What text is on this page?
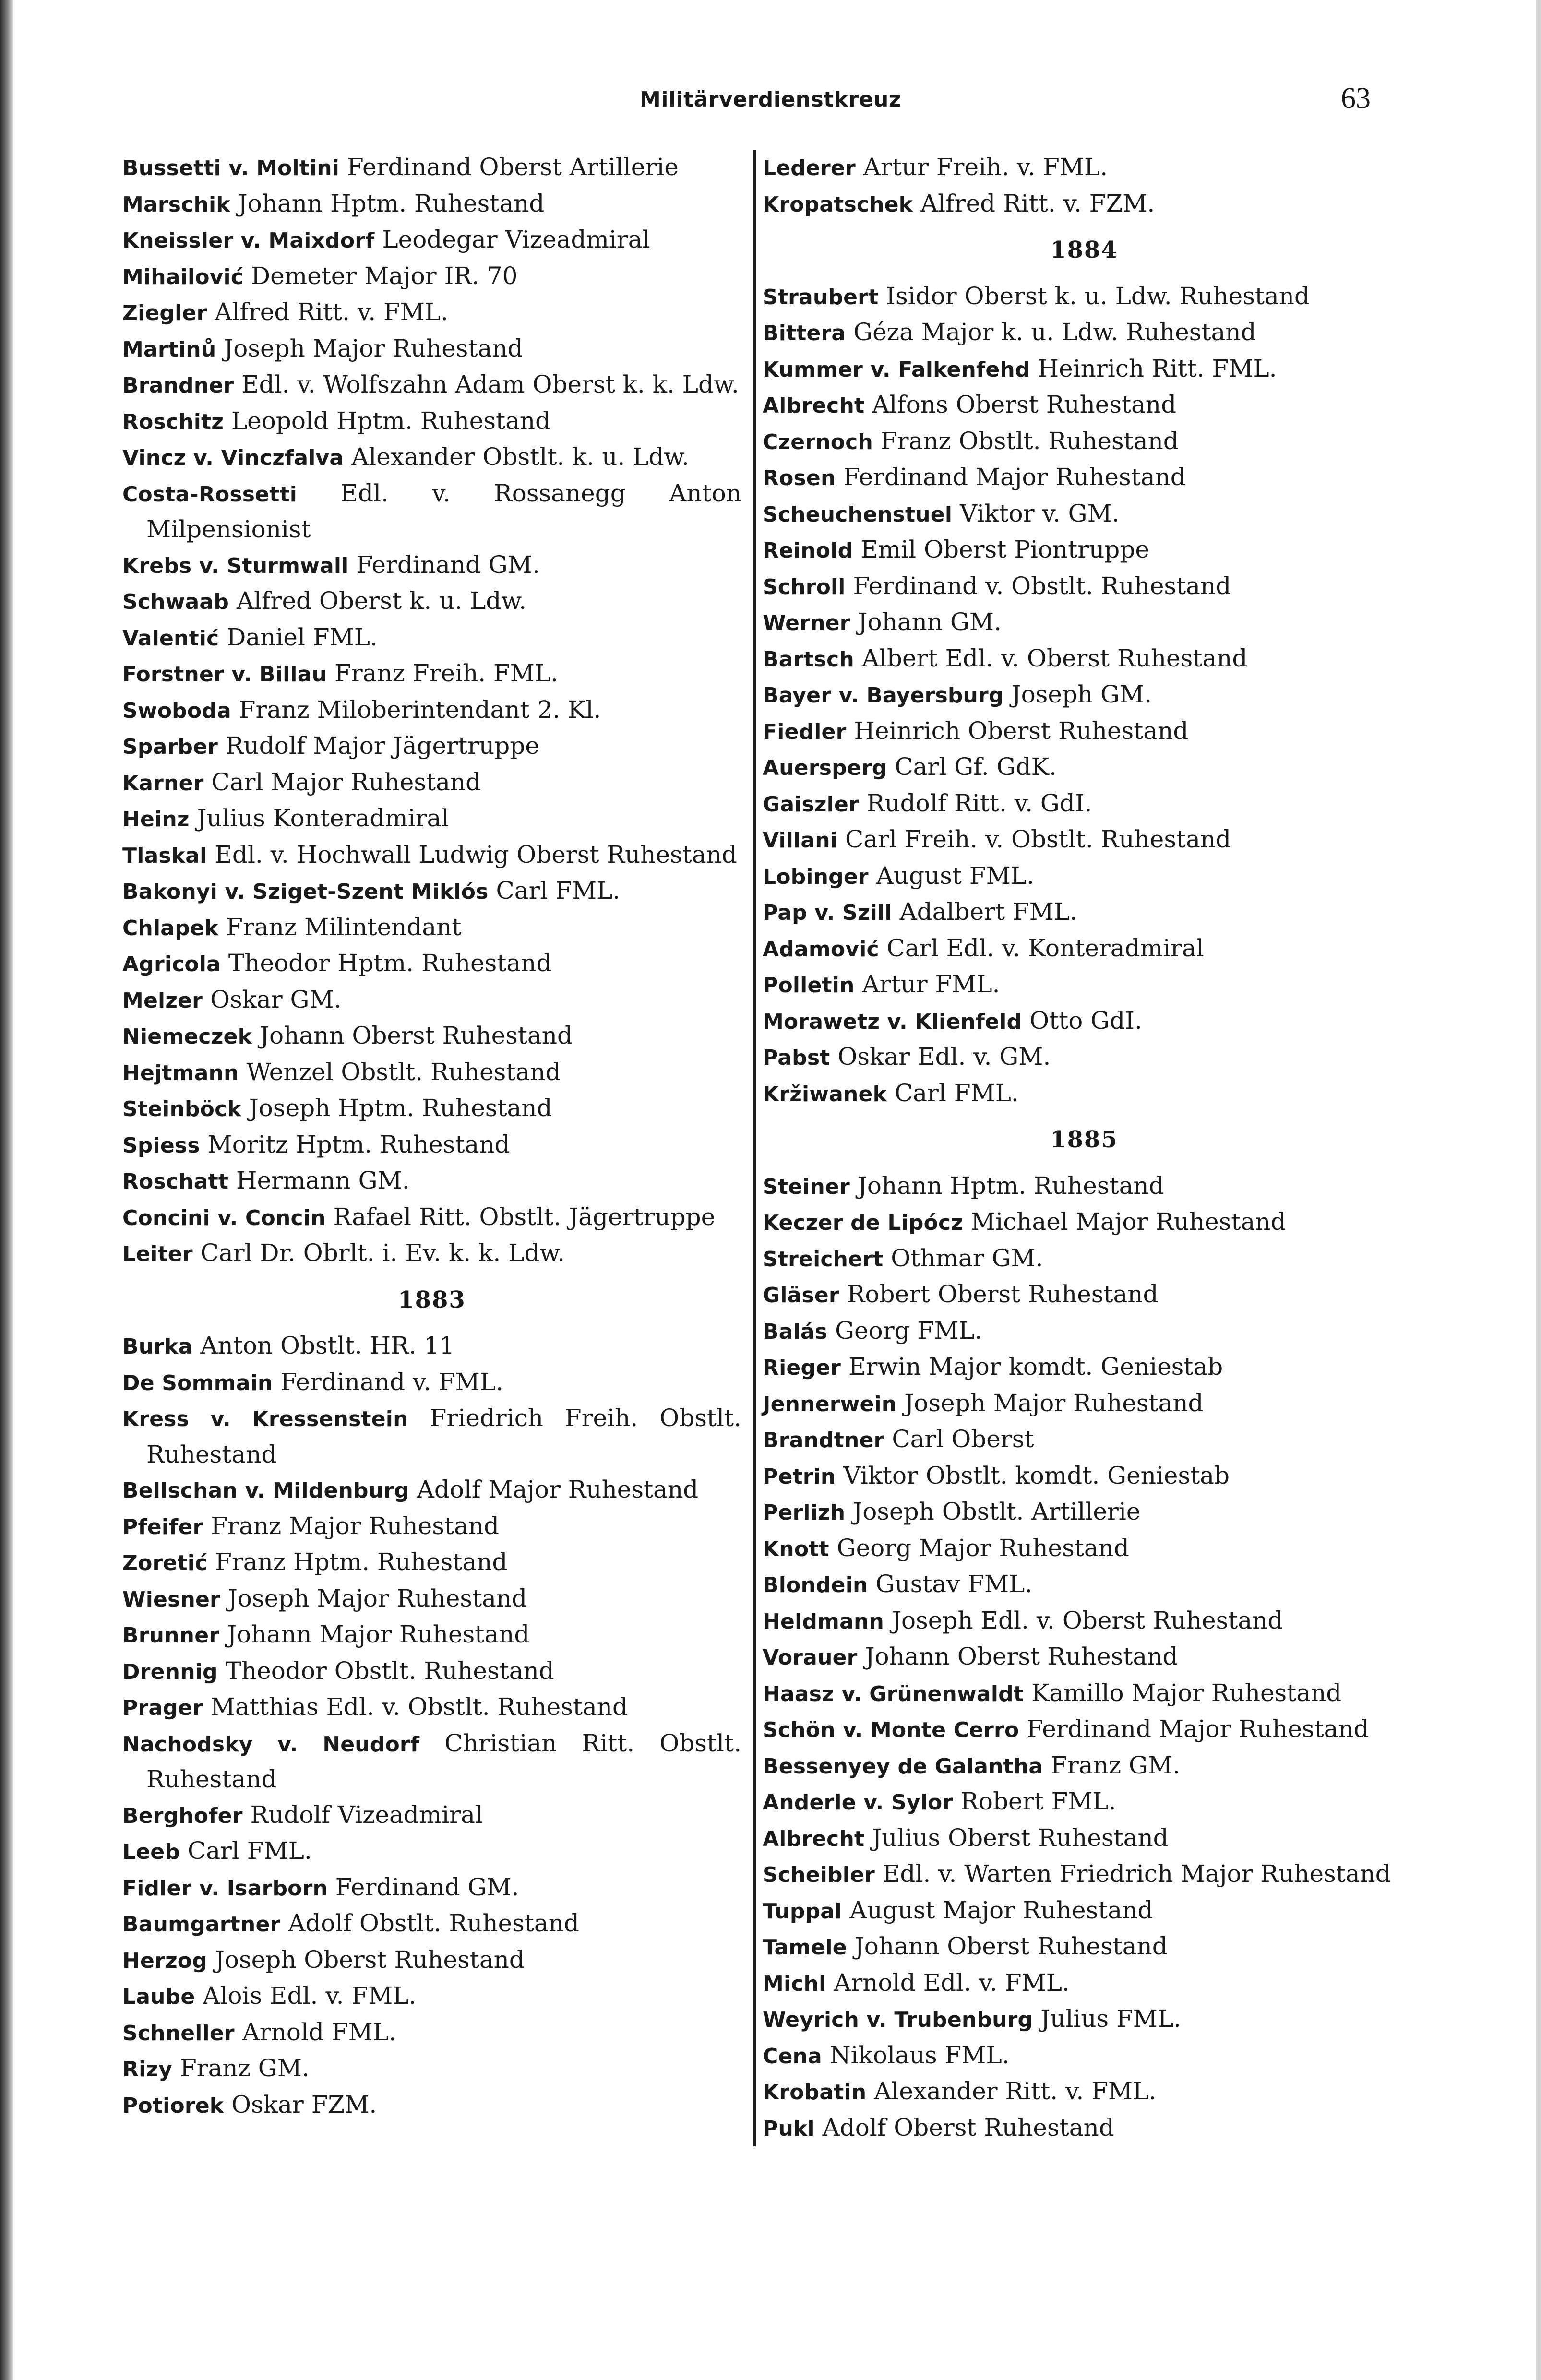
Militärverdienstkreuz	63
Bussetti v. Moltini Ferdinand Oberst Artillerie
Marschik Johann Hptm. Ruhestand
Kneissler v. Maixdorf Leodegar Vizeadmiral
Mihailović Demeter Major IR. 70
Ziegler Alfred Ritt. v. FML.
Martinů Joseph Major Ruhestand
Brandner Edl. v. Wolfszahn Adam Oberst k. k. Ldw.
Roschitz Leopold Hptm. Ruhestand
Vincz v. Vinczfalva Alexander Obstlt. k. u. Ldw.
Costa-Rossetti Edl. v. Rossanegg Anton Milpensionist
Krebs v. Sturmwall Ferdinand GM.
Schwaab Alfred Oberst k. u. Ldw.
Valentić Daniel FML.
Forstner v. Billau Franz Freih. FML.
Swoboda Franz Miloberintendant 2. Kl.
Sparber Rudolf Major Jägertruppe
Karner Carl Major Ruhestand
Heinz Julius Konteradmiral
Tlaskal Edl. v. Hochwall Ludwig Oberst Ruhestand
Bakonyi v. Sziget-Szent Miklós Carl FML.
Chlapek Franz Milintendant
Agricola Theodor Hptm. Ruhestand
Melzer Oskar GM.
Niemeczek Johann Oberst Ruhestand
Hejtmann Wenzel Obstlt. Ruhestand
Steinböck Joseph Hptm. Ruhestand
Spiess Moritz Hptm. Ruhestand
Roschatt Hermann GM.
Concini v. Concin Rafael Ritt. Obstlt. Jägertruppe
Leiter Carl Dr. Obrlt. i. Ev. k. k. Ldw.
1883
Burka Anton Obstlt. HR. 11
De Sommain Ferdinand v. FML.
Kress v. Kressenstein Friedrich Freih. Obstlt. Ruhestand
Bellschan v. Mildenburg Adolf Major Ruhestand
Pfeifer Franz Major Ruhestand
Zoretić Franz Hptm. Ruhestand
Wiesner Joseph Major Ruhestand
Brunner Johann Major Ruhestand
Drennig Theodor Obstlt. Ruhestand
Prager Matthias Edl. v. Obstlt. Ruhestand
Nachodsky v. Neudorf Christian Ritt. Obstlt. Ruhestand
Berghofer Rudolf Vizeadmiral
Leeb Carl FML.
Fidler v. Isarborn Ferdinand GM.
Baumgartner Adolf Obstlt. Ruhestand
Herzog Joseph Oberst Ruhestand
Laube Alois Edl. v. FML.
Schneller Arnold FML.
Rizy Franz GM.
Potiorek Oskar FZM.
Lederer Artur Freih. v. FML.
Kropatschek Alfred Ritt. v. FZM.
1884
Straubert Isidor Oberst k. u. Ldw. Ruhestand
Bittera Géza Major k. u. Ldw. Ruhestand
Kummer v. Falkenfehd Heinrich Ritt. FML.
Albrecht Alfons Oberst Ruhestand
Czernoch Franz Obstlt. Ruhestand
Rosen Ferdinand Major Ruhestand
Scheuchenstuel Viktor v. GM.
Reinold Emil Oberst Piontruppe
Schroll Ferdinand v. Obstlt. Ruhestand
Werner Johann GM.
Bartsch Albert Edl. v. Oberst Ruhestand
Bayer v. Bayersburg Joseph GM.
Fiedler Heinrich Oberst Ruhestand
Auersperg Carl Gf. GdK.
Gaiszler Rudolf Ritt. v. GdI.
Villani Carl Freih. v. Obstlt. Ruhestand
Lobinger August FML.
Pap v. Szill Adalbert FML.
Adamović Carl Edl. v. Konteradmiral
Polletin Artur FML.
Morawetz v. Klienfeld Otto GdI.
Pabst Oskar Edl. v. GM.
Kržiwanek Carl FML.
1885
Steiner Johann Hptm. Ruhestand
Keczer de Lipócz Michael Major Ruhestand
Streichert Othmar GM.
Gläser Robert Oberst Ruhestand
Balás Georg FML.
Rieger Erwin Major komdt. Geniestab
Jennerwein Joseph Major Ruhestand
Brandtner Carl Oberst
Petrin Viktor Obstlt. komdt. Geniestab
Perlizh Joseph Obstlt. Artillerie
Knott Georg Major Ruhestand
Blondein Gustav FML.
Heldmann Joseph Edl. v. Oberst Ruhestand
Vorauer Johann Oberst Ruhestand
Haasz v. Grünenwaldt Kamillo Major Ruhestand
Schön v. Monte Cerro Ferdinand Major Ruhestand
Bessenyey de Galantha Franz GM.
Anderle v. Sylor Robert FML.
Albrecht Julius Oberst Ruhestand
Scheibler Edl. v. Warten Friedrich Major Ruhestand
Tuppal August Major Ruhestand
Tamele Johann Oberst Ruhestand
Michl Arnold Edl. v. FML.
Weyrich v. Trubenburg Julius FML.
Cena Nikolaus FML.
Krobatin Alexander Ritt. v. FML.
Pukl Adolf Oberst Ruhestand
